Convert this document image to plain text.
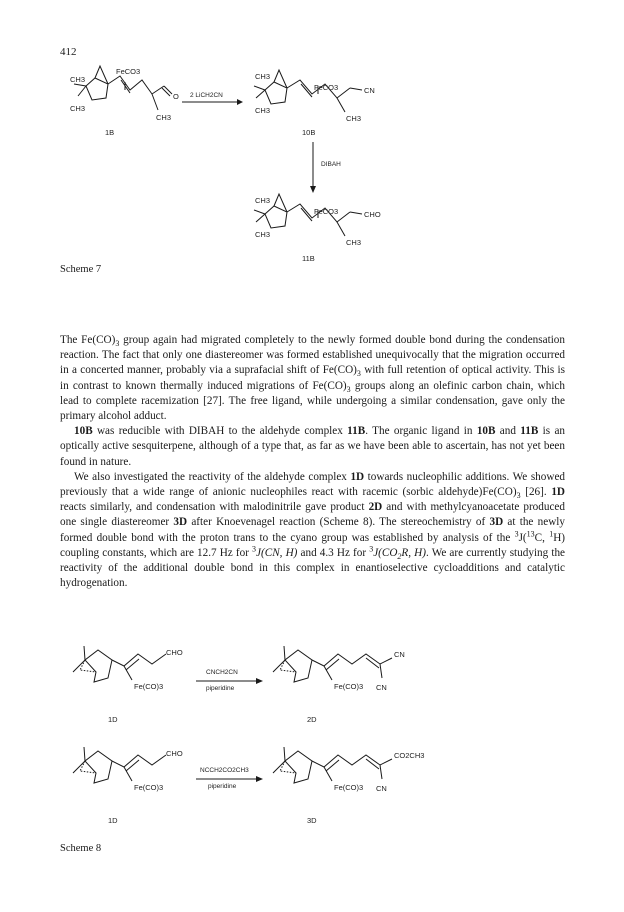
412
CH3
CH3
FeCO3
O
CH3
1B
2 LiCH2CN
CH3
CH3
FeCO3	CN
CH3
10B
DIBAH
CH3
CH3
FeCO3	CHO
CH3
11B
Scheme 7

The $Fe(CO)_3$ group again had migrated completely to the newly formed double bond during the condensation reaction. The fact that only one diastereomer was formed established unequivocally that the migration occurred in a concerted manner, probably via a suprafacial shift of $Fe(CO)_3$ with full retention of optical activity. This is in contrast to known thermally induced migrations of $Fe(CO)_3$ groups along an olefinic carbon chain, which lead to complete racemization [27]. The free ligand, while undergoing a similar condensation, gave only the primary alcohol adduct.

10B was reducible with DIBAH to the aldehyde complex 11B. The organic ligand in 10B and 11B is an optically active sesquiterpene, although of a type that, as far as we have been able to ascertain, has not yet been found in nature.

We also investigated the reactivity of the aldehyde complex 1D towards nucleophilic additions. We showed previously that a wide range of anionic nucleophiles react with racemic (sorbic $aldehyde)Fe(CO)_3$ [26]. 1D reacts similarly, and condensation with malodinitrile gave product 2D and with methylcyanoacetate produced one single diastereomer 3D after Knoevenagel reaction (Scheme 8). The stereochemistry of 3D at the newly formed double bond with the proton trans to the cyano group was established by analysis of the $^3$J($^{13}$C, $^1$H) coupling constants, which are 12.7 Hz for $^3$J(CN, H) and 4.3 Hz for $^3J(CO_2R$, H). We are currently studying the reactivity of the additional double bond in this complex in enantioselective cycloadditions and catalytic hydrogenation.

CHO
Fe(CO)3
1D
CNCH2CN
piperidine
CN
Fe(CO)3 CN
2D
CHO
Fe(CO)3
1D
NCCH2CO2CH3
piperidine
CO2CH3
Fe(CO)3 CN
3D
Scheme 8
